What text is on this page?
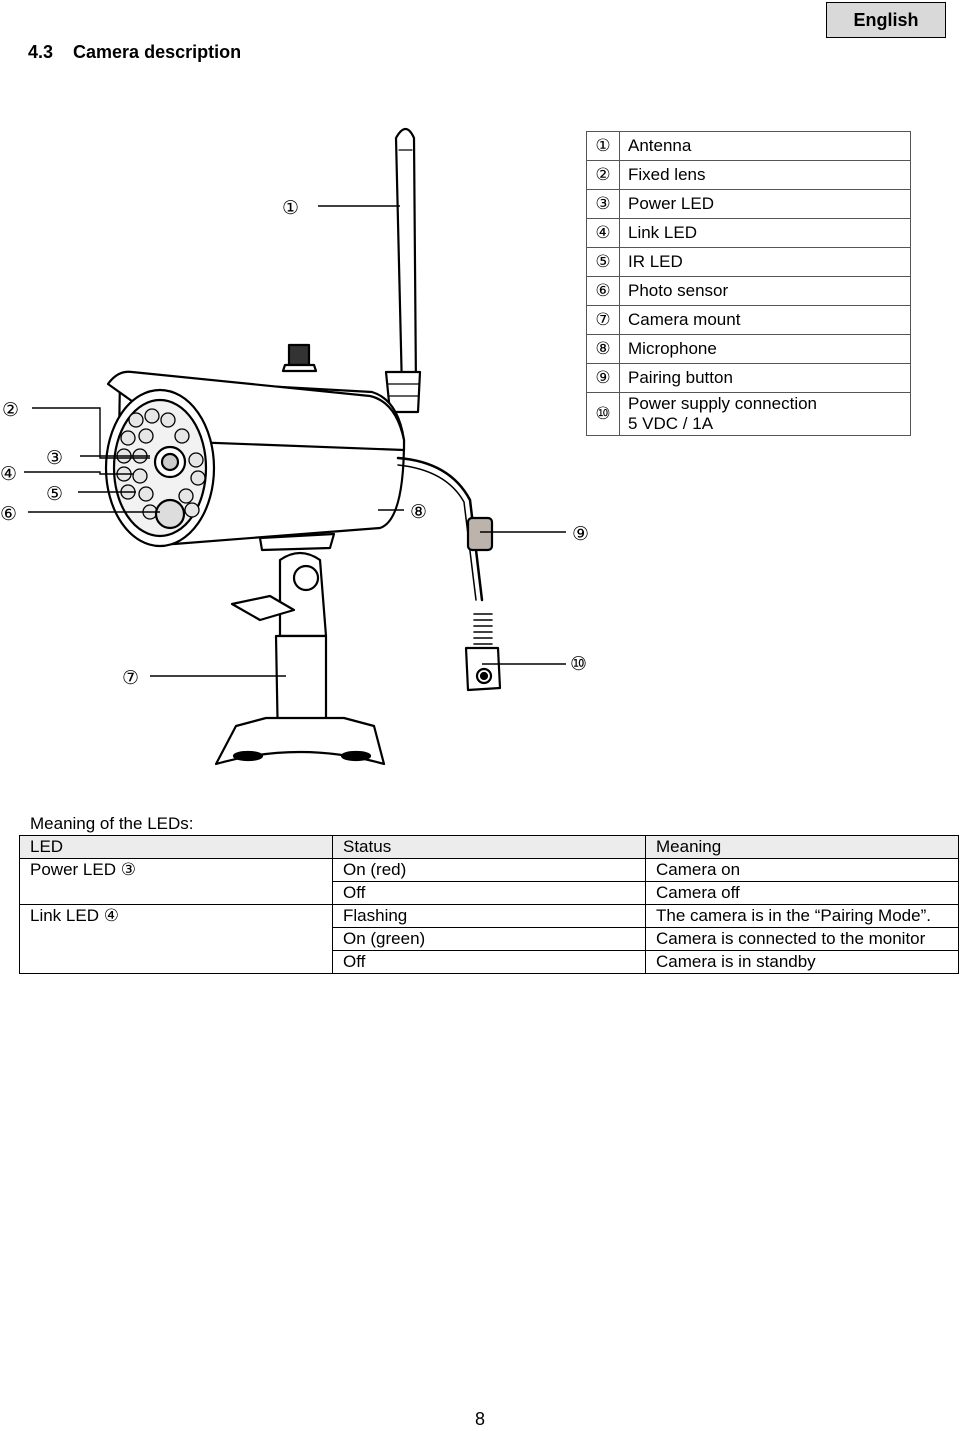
English
4.3    Camera description
①
②
③
④
⑤
⑥
⑦
⑧
⑨
⑩
①	Antenna
②	Fixed lens
③	Power LED
④	Link LED
⑤	IR LED
⑥	Photo sensor
⑦	Camera mount
⑧	Microphone
⑨	Pairing button
⑩	Power supply connection
5 VDC / 1A
Meaning of the LEDs:
LED	Status	Meaning
Power LED ③	On (red)	Camera on
	Off	Camera off
Link LED ④	Flashing	The camera is in the “Pairing Mode”.
	On (green)	Camera is connected to the monitor
	Off	Camera is in standby
8
